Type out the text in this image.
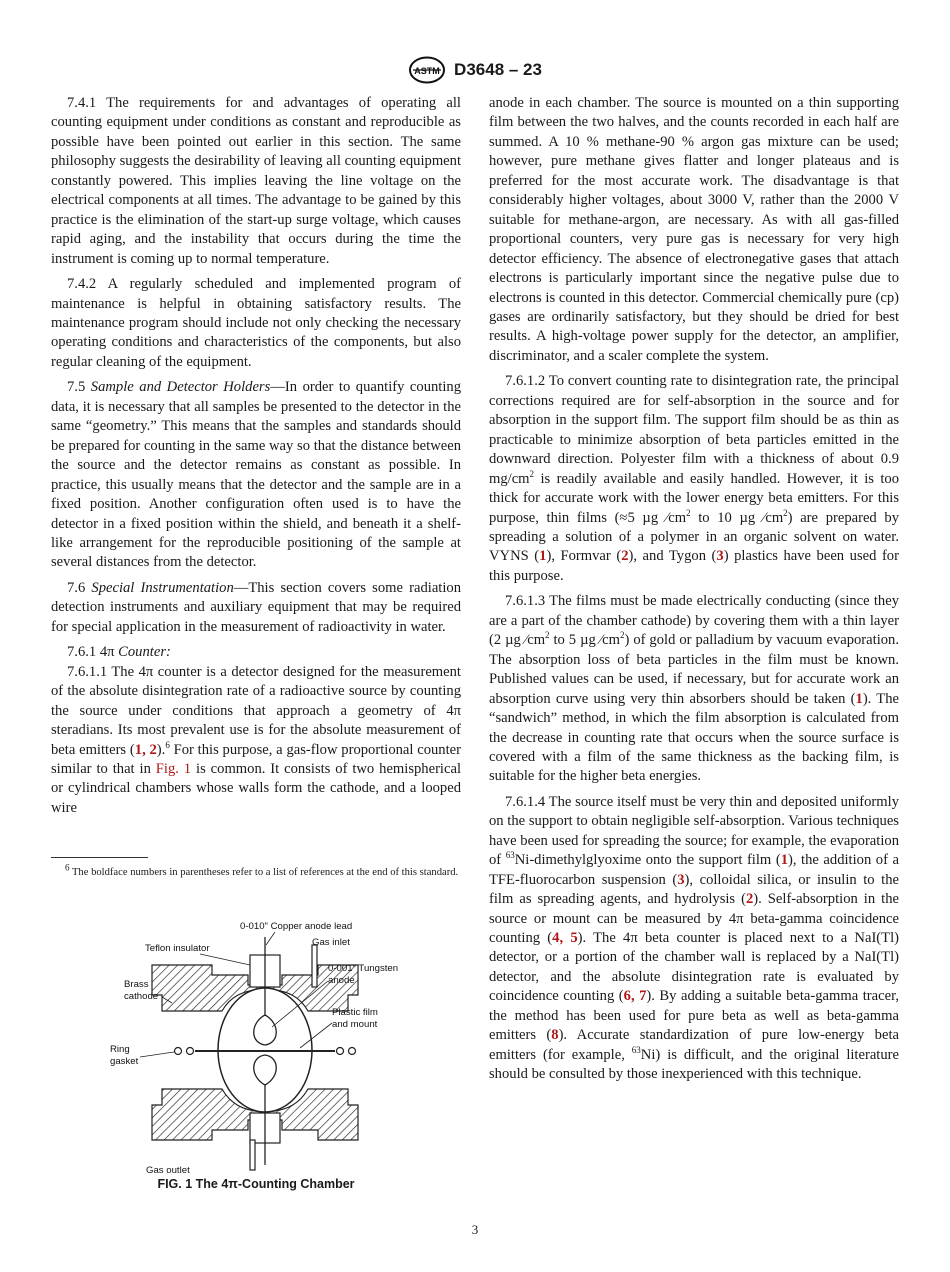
ASTM D3648 – 23

7.4.1 The requirements for and advantages of operating all counting equipment under conditions as constant and reproducible as possible have been pointed out earlier in this section. The same philosophy suggests the desirability of leaving all counting equipment constantly powered. This implies leaving the line voltage on the electrical components at all times. The advantage to be gained by this practice is the elimination of the start-up surge voltage, which causes rapid aging, and the instability that occurs during the time the instrument is coming up to normal temperature.

7.4.2 A regularly scheduled and implemented program of maintenance is helpful in obtaining satisfactory results. The maintenance program should include not only checking the necessary operating conditions and characteristics of the components, but also regular cleaning of the equipment.

7.5 Sample and Detector Holders—In order to quantify counting data, it is necessary that all samples be presented to the detector in the same “geometry.” This means that the samples and standards should be prepared for counting in the same way so that the distance between the source and the detector remains as constant as possible. In practice, this usually means that the detector and the sample are in a fixed position. Another configuration often used is to have the detector in a fixed position within the shield, and beneath it a shelf-like arrangement for the reproducible positioning of the sample at several distances from the detector.

7.6 Special Instrumentation—This section covers some radiation detection instruments and auxiliary equipment that may be required for special application in the measurement of radioactivity in water.

7.6.1 4π Counter:

7.6.1.1 The 4π counter is a detector designed for the measurement of the absolute disintegration rate of a radioactive source by counting the source under conditions that approach a geometry of 4π steradians. Its most prevalent use is for the absolute measurement of beta emitters (1, 2).$^6$ For this purpose, a gas-flow proportional counter similar to that in Fig. 1 is common. It consists of two hemispherical or cylindrical chambers whose walls form the cathode, and a looped wire

$^6$ The boldface numbers in parentheses refer to a list of references at the end of this standard.
0-010" Copper anode lead
Teflon insulator
Gas inlet
0-001" Tungsten
anode
Brass
cathode
Plastic film
and mount
Ring
gasket
Gas outlet
FIG. 1 The 4π-Counting Chamber

anode in each chamber. The source is mounted on a thin supporting film between the two halves, and the counts recorded in each half are summed. A 10 % methane-90 % argon gas mixture can be used; however, pure methane gives flatter and longer plateaus and is preferred for the most accurate work. The disadvantage is that considerably higher voltages, about 3000 V, rather than the 2000 V suitable for methane-argon, are necessary. As with all gas-filled proportional counters, very pure gas is necessary for very high detector efficiency. The absence of electronegative gases that attach electrons is particularly important since the negative pulse due to electrons is counted in this detector. Commercial chemically pure (cp) gases are ordinarily satisfactory, but they should be dried for best results. A high-voltage power supply for the detector, an amplifier, discriminator, and a scaler complete the system.

7.6.1.2 To convert counting rate to disintegration rate, the principal corrections required are for self-absorption in the source and for absorption in the support film. The support film should be as thin as practicable to minimize absorption of beta particles emitted in the downward direction. Polyester film with a thickness of about 0.9 $mg/cm^2$ is readily available and easily handled. However, it is too thick for accurate work with the lower energy beta emitters. For this purpose, thin films (≈5 µg $⁄cm^2$ to 10 µg $⁄cm^2$) are prepared by spreading a solution of a polymer in an organic solvent on water. VYNS (1), Formvar (2), and Tygon (3) plastics have been used for this purpose.

7.6.1.3 The films must be made electrically conducting (since they are a part of the chamber cathode) by covering them with a thin layer (2 µg $⁄cm^2$ to 5 µg $⁄cm^2$) of gold or palladium by vacuum evaporation. The absorption loss of beta particles in the film must be known. Published values can be used, if necessary, but for accurate work an absorption curve using very thin absorbers should be taken (1). The “sandwich” method, in which the film absorption is calculated from the decrease in counting rate that occurs when the source surface is covered with a film of the same thickness as the backing film, is suitable for the higher beta energies.

7.6.1.4 The source itself must be very thin and deposited uniformly on the support to obtain negligible self-absorption. Various techniques have been used for spreading the source; for example, the evaporation of $^{63}$Ni-dimethylglyoxime onto the support film (1), the addition of a TFE-fluorocarbon suspension (3), colloidal silica, or insulin to the film as spreading agents, and hydrolysis (2). Self-absorption in the source or mount can be measured by 4π beta-gamma coincidence counting (4, 5). The 4π beta counter is placed next to a NaI(Tl) detector, or a portion of the chamber wall is replaced by a NaI(Tl) detector, and the absolute disintegration rate is evaluated by coincidence counting (6, 7). By adding a suitable beta-gamma tracer, the method has been used for pure beta as well as beta-gamma emitters (8). Accurate standardization of pure low-energy beta emitters (for example, $^{63}$Ni) is difficult, and the original literature should be consulted by those inexperienced with this technique.

3
